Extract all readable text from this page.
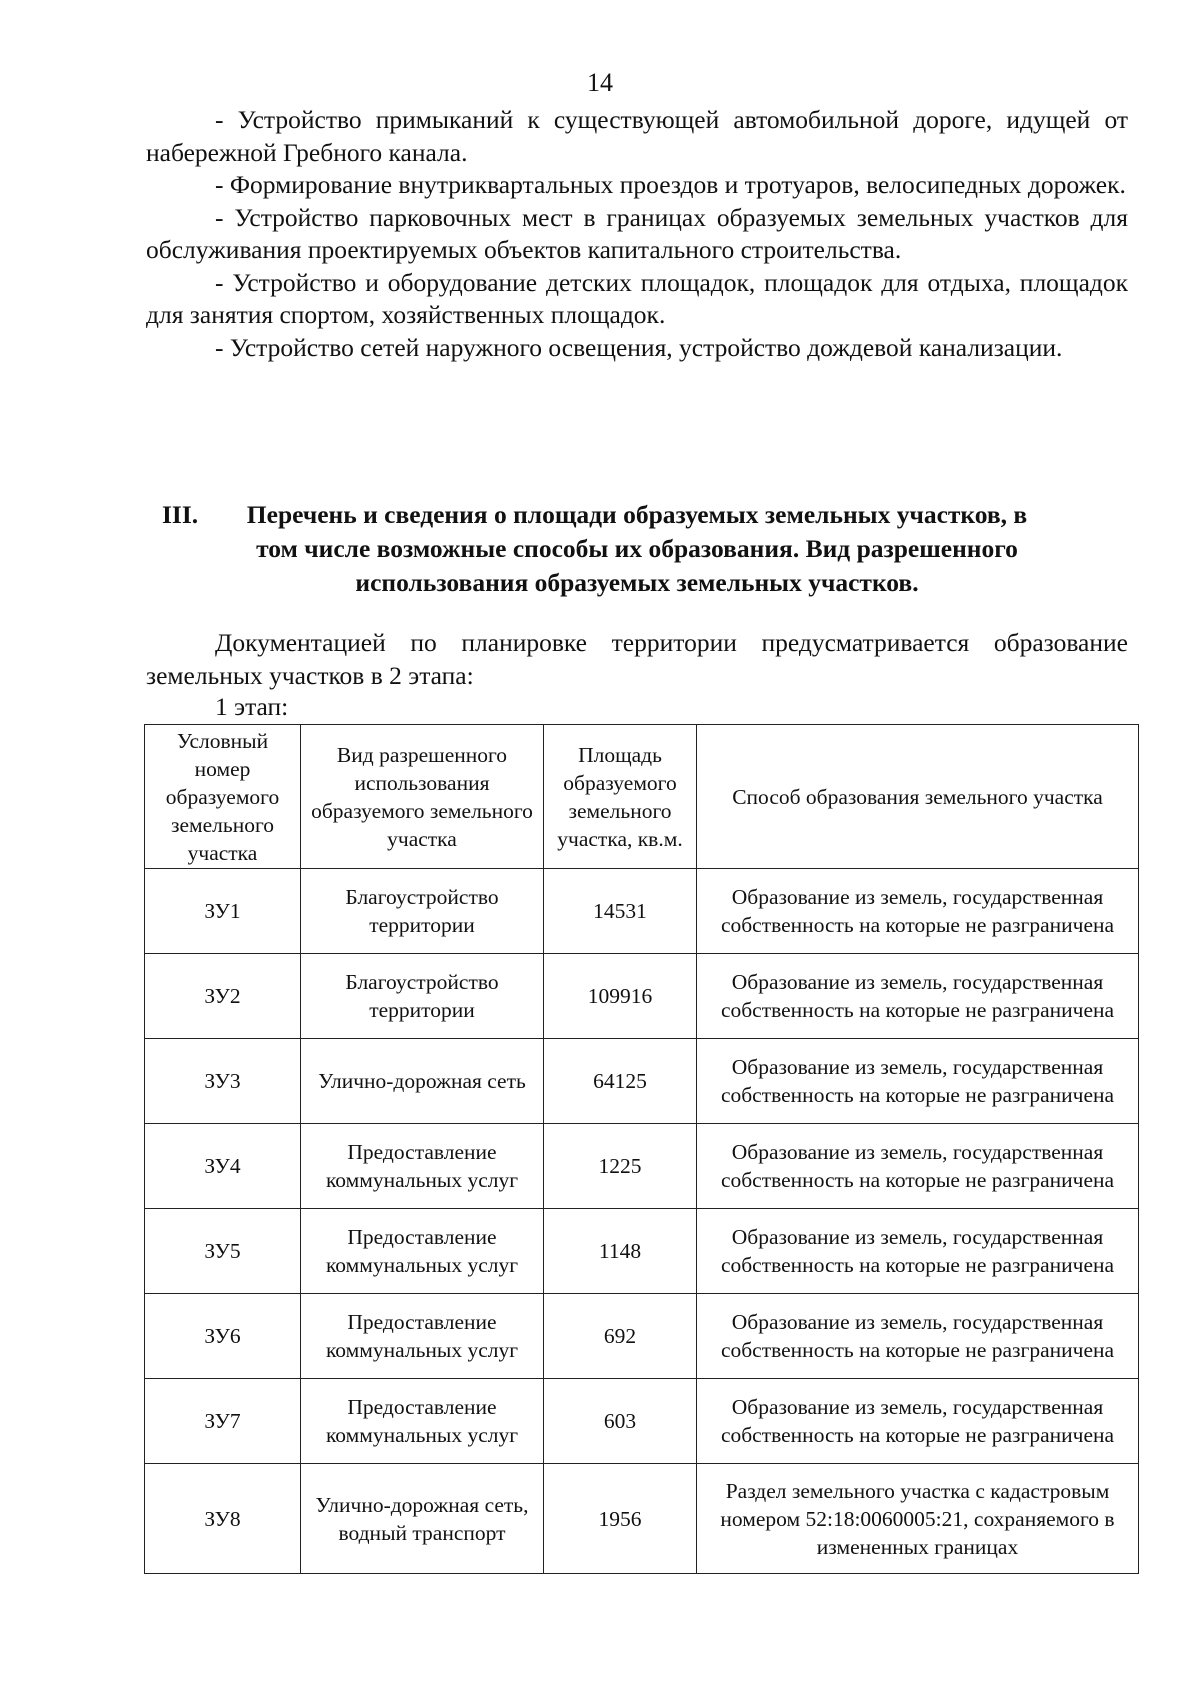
14

- Устройство примыканий к существующей автомобильной дороге, идущей от набережной Гребного канала.

- Формирование внутриквартальных проездов и тротуаров, велосипедных дорожек.

- Устройство парковочных мест в границах образуемых земельных участков для обслуживания проектируемых объектов капитального строительства.

- Устройство и оборудование детских площадок, площадок для отдыха, площадок для занятия спортом, хозяйственных площадок.

- Устройство сетей наружного освещения, устройство дождевой канализации.

III.	Перечень и сведения о площади образуемых земельных участков, в
том числе возможные способы их образования. Вид разрешенного
использования образуемых земельных участков.

Документацией по планировке территории предусматривается образование земельных участков в 2 этапа:

1 этап:
Условный номер образуемого земельного участка	Вид разрешенного использования образуемого земельного участка	Площадь образуемого земельного участка, кв.м.	Способ образования земельного участка
ЗУ1	Благоустройство территории	14531	Образование из земель, государственная собственность на которые не разграничена
ЗУ2	Благоустройство территории	109916	Образование из земель, государственная собственность на которые не разграничена
ЗУ3	Улично-дорожная сеть	64125	Образование из земель, государственная собственность на которые не разграничена
ЗУ4	Предоставление коммунальных услуг	1225	Образование из земель, государственная собственность на которые не разграничена
ЗУ5	Предоставление коммунальных услуг	1148	Образование из земель, государственная собственность на которые не разграничена
ЗУ6	Предоставление коммунальных услуг	692	Образование из земель, государственная собственность на которые не разграничена
ЗУ7	Предоставление коммунальных услуг	603	Образование из земель, государственная собственность на которые не разграничена
ЗУ8	Улично-дорожная сеть, водный транспорт	1956	Раздел земельного участка с кадастровым номером 52:18:0060005:21, сохраняемого в измененных границах
